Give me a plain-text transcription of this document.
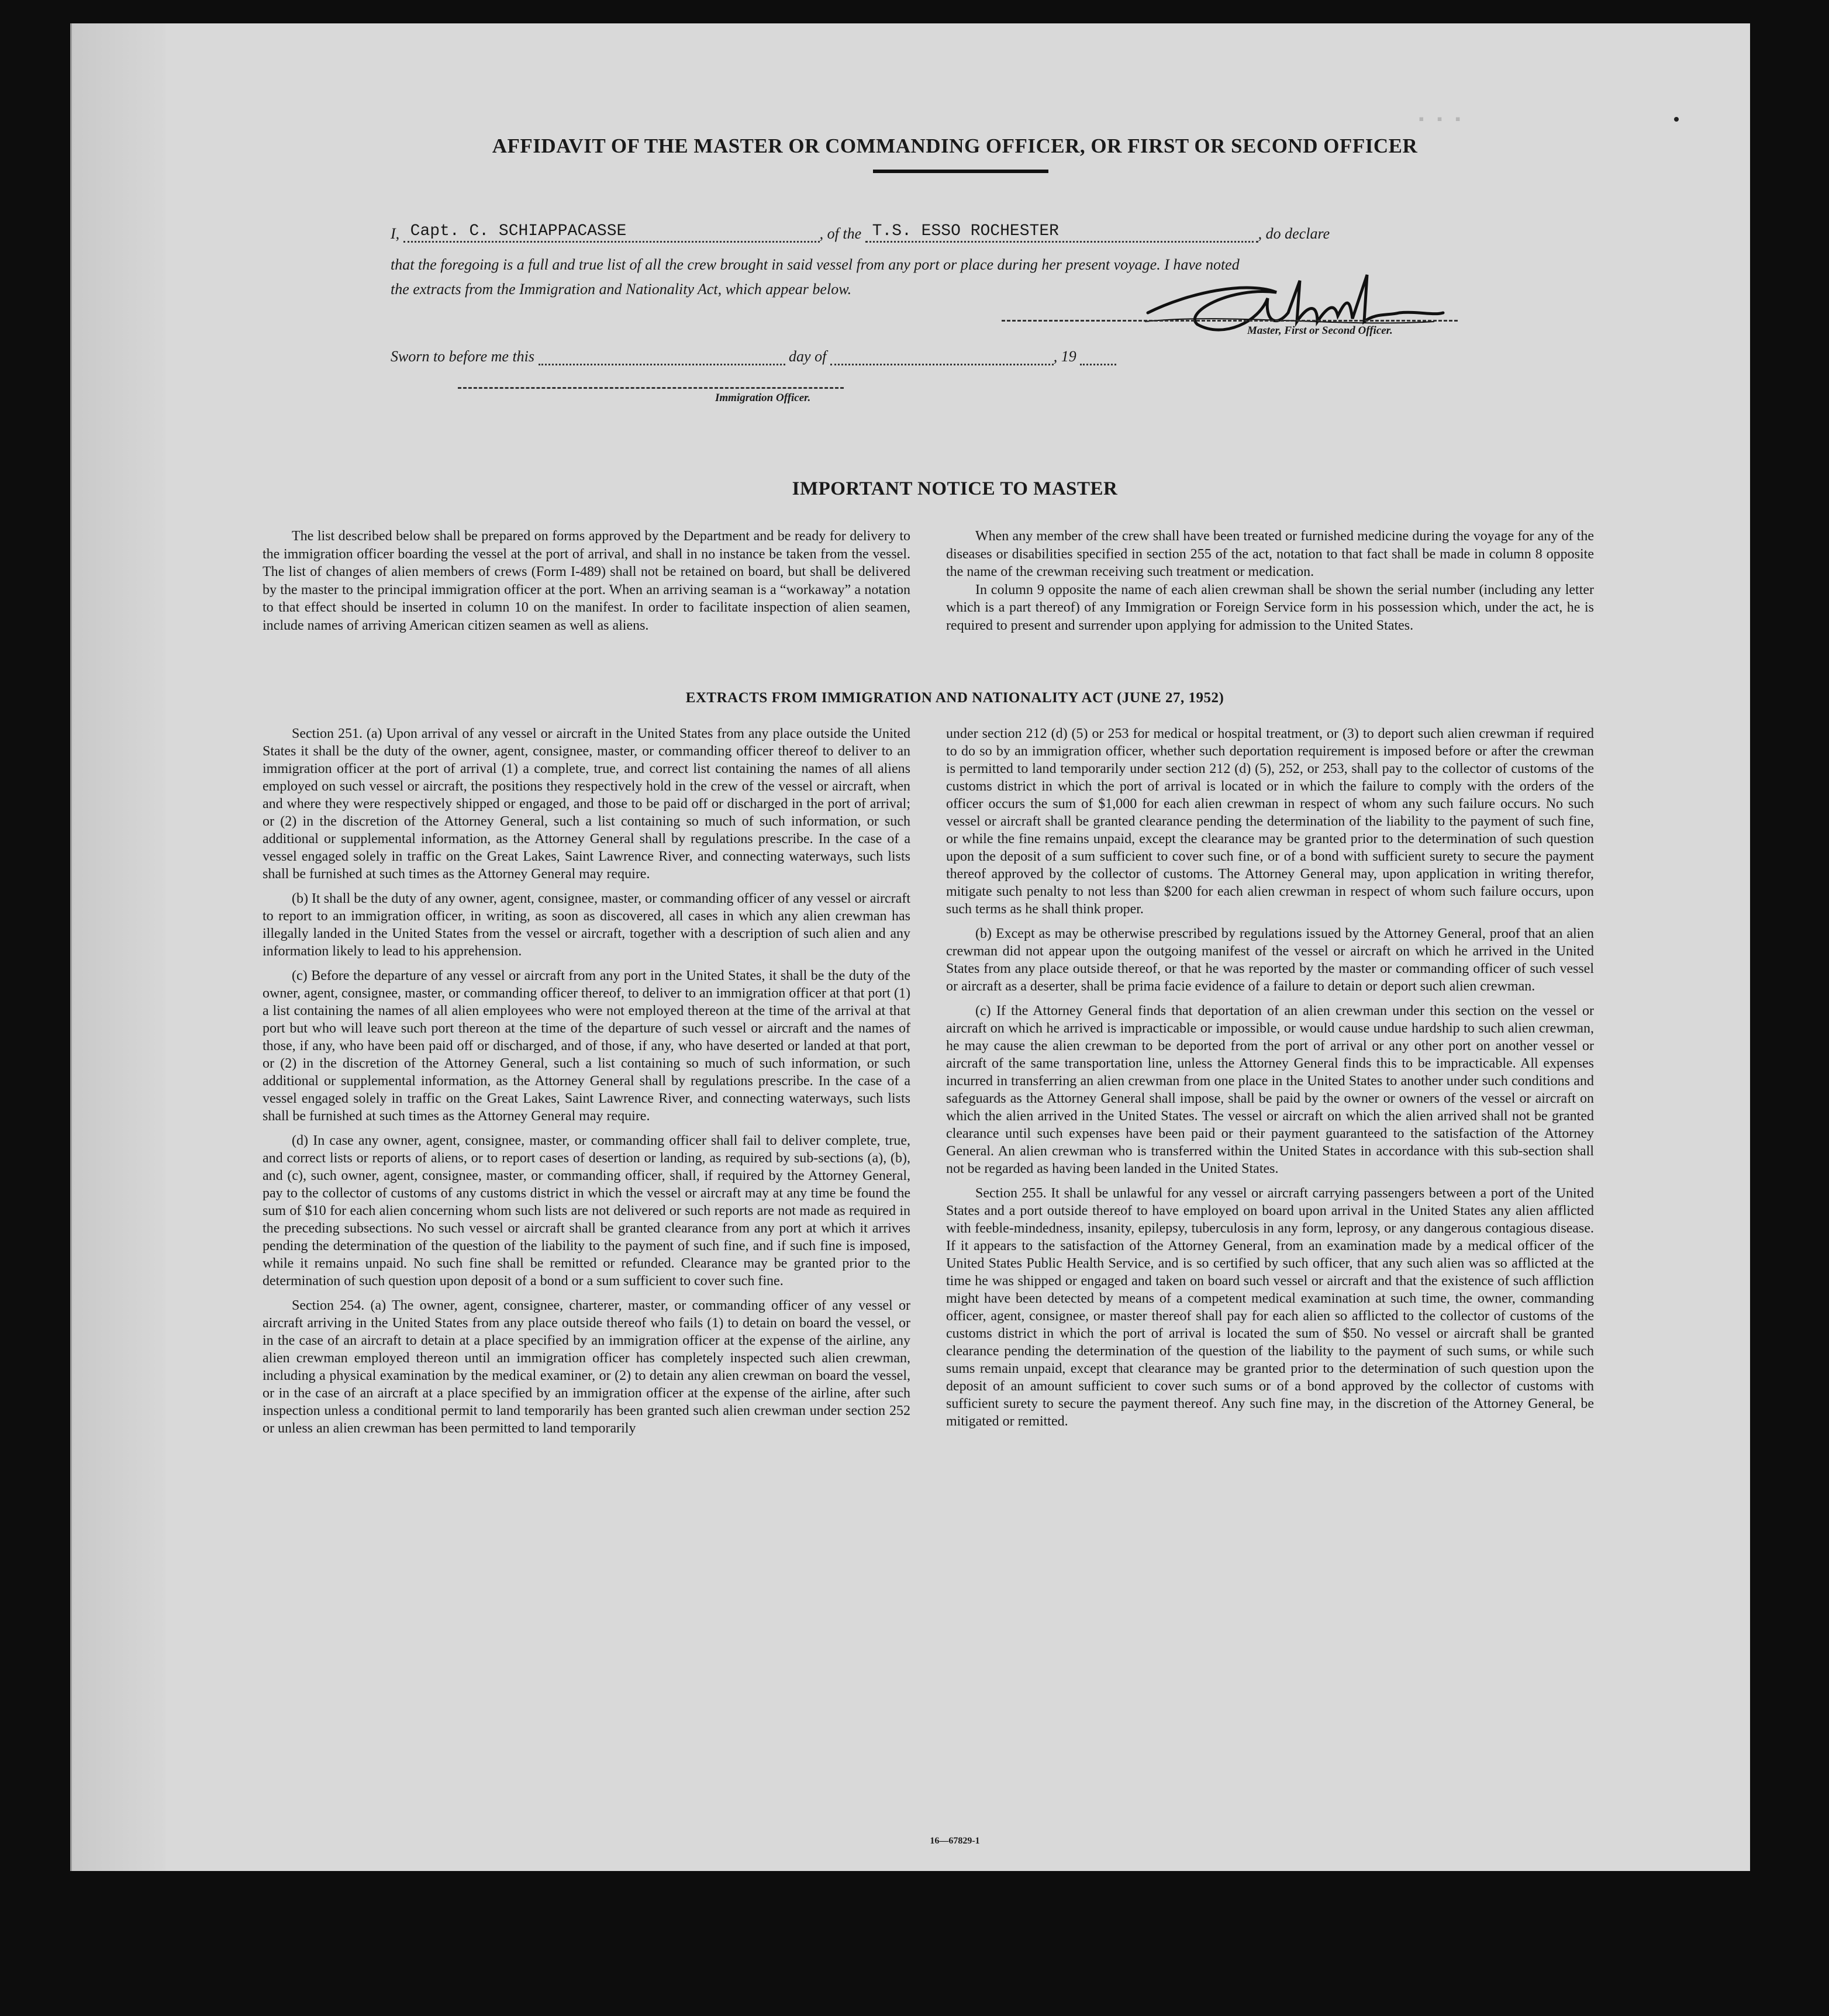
▪ ▪ ▪
AFFIDAVIT OF THE MASTER OR COMMANDING OFFICER, OR FIRST OR SECOND OFFICER
I, Capt. C. SCHIAPPACASSE	, of the T.S. ESSO ROCHESTER	, do declare
that the foregoing is a full and true list of all the crew brought in said vessel from any port or place during her present voyage. I have noted
the extracts from the Immigration and Nationality Act, which appear below.
Master, First or Second Officer.
Sworn to before me this	day of	, 19
Immigration Officer.
IMPORTANT NOTICE TO MASTER

The list described below shall be prepared on forms approved by the Department and be ready for delivery to the immigration officer boarding the vessel at the port of arrival, and shall in no instance be taken from the vessel. The list of changes of alien members of crews (Form I-489) shall not be retained on board, but shall be delivered by the master to the principal immigration officer at the port. When an arriving seaman is a “workaway” a notation to that effect should be inserted in column 10 on the manifest. In order to facilitate inspection of alien seamen, include names of arriving American citizen seamen as well as aliens.

When any member of the crew shall have been treated or furnished medicine during the voyage for any of the diseases or disabilities specified in section 255 of the act, notation to that fact shall be made in column 8 opposite the name of the crewman receiving such treatment or medication.

In column 9 opposite the name of each alien crewman shall be shown the serial number (including any letter which is a part thereof) of any Immigration or Foreign Service form in his possession which, under the act, he is required to present and surrender upon applying for admission to the United States.

EXTRACTS FROM IMMIGRATION AND NATIONALITY ACT (JUNE 27, 1952)

Section 251. (a) Upon arrival of any vessel or aircraft in the United States from any place outside the United States it shall be the duty of the owner, agent, consignee, master, or commanding officer thereof to deliver to an immigration officer at the port of arrival (1) a complete, true, and correct list containing the names of all aliens employed on such vessel or aircraft, the positions they respectively hold in the crew of the vessel or aircraft, when and where they were respectively shipped or engaged, and those to be paid off or discharged in the port of arrival; or (2) in the discretion of the Attorney General, such a list containing so much of such information, or such additional or supplemental information, as the Attorney General shall by regulations prescribe. In the case of a vessel engaged solely in traffic on the Great Lakes, Saint Lawrence River, and connecting waterways, such lists shall be furnished at such times as the Attorney General may require.

(b) It shall be the duty of any owner, agent, consignee, master, or commanding officer of any vessel or aircraft to report to an immigration officer, in writing, as soon as discovered, all cases in which any alien crewman has illegally landed in the United States from the vessel or aircraft, together with a description of such alien and any information likely to lead to his apprehension.

(c) Before the departure of any vessel or aircraft from any port in the United States, it shall be the duty of the owner, agent, consignee, master, or commanding officer thereof, to deliver to an immigration officer at that port (1) a list containing the names of all alien employees who were not employed thereon at the time of the arrival at that port but who will leave such port thereon at the time of the departure of such vessel or aircraft and the names of those, if any, who have been paid off or discharged, and of those, if any, who have deserted or landed at that port, or (2) in the discretion of the Attorney General, such a list containing so much of such information, or such additional or supplemental information, as the Attorney General shall by regulations prescribe. In the case of a vessel engaged solely in traffic on the Great Lakes, Saint Lawrence River, and connecting waterways, such lists shall be furnished at such times as the Attorney General may require.

(d) In case any owner, agent, consignee, master, or commanding officer shall fail to deliver complete, true, and correct lists or reports of aliens, or to report cases of desertion or landing, as required by sub-sections (a), (b), and (c), such owner, agent, consignee, master, or commanding officer, shall, if required by the Attorney General, pay to the collector of customs of any customs district in which the vessel or aircraft may at any time be found the sum of $10 for each alien concerning whom such lists are not delivered or such reports are not made as required in the preceding subsections. No such vessel or aircraft shall be granted clearance from any port at which it arrives pending the determination of the question of the liability to the payment of such fine, and if such fine is imposed, while it remains unpaid. No such fine shall be remitted or refunded. Clearance may be granted prior to the determination of such question upon deposit of a bond or a sum sufficient to cover such fine.

Section 254. (a) The owner, agent, consignee, charterer, master, or commanding officer of any vessel or aircraft arriving in the United States from any place outside thereof who fails (1) to detain on board the vessel, or in the case of an aircraft to detain at a place specified by an immigration officer at the expense of the airline, any alien crewman employed thereon until an immigration officer has completely inspected such alien crewman, including a physical examination by the medical examiner, or (2) to detain any alien crewman on board the vessel, or in the case of an aircraft at a place specified by an immigration officer at the expense of the airline, after such inspection unless a conditional permit to land temporarily has been granted such alien crewman under section 252 or unless an alien crewman has been permitted to land temporarily

under section 212 (d) (5) or 253 for medical or hospital treatment, or (3) to deport such alien crewman if required to do so by an immigration officer, whether such deportation requirement is imposed before or after the crewman is permitted to land temporarily under section 212 (d) (5), 252, or 253, shall pay to the collector of customs of the customs district in which the port of arrival is located or in which the failure to comply with the orders of the officer occurs the sum of $1,000 for each alien crewman in respect of whom any such failure occurs. No such vessel or aircraft shall be granted clearance pending the determination of the liability to the payment of such fine, or while the fine remains unpaid, except the clearance may be granted prior to the determination of such question upon the deposit of a sum sufficient to cover such fine, or of a bond with sufficient surety to secure the payment thereof approved by the collector of customs. The Attorney General may, upon application in writing therefor, mitigate such penalty to not less than $200 for each alien crewman in respect of whom such failure occurs, upon such terms as he shall think proper.

(b) Except as may be otherwise prescribed by regulations issued by the Attorney General, proof that an alien crewman did not appear upon the outgoing manifest of the vessel or aircraft on which he arrived in the United States from any place outside thereof, or that he was reported by the master or commanding officer of such vessel or aircraft as a deserter, shall be prima facie evidence of a failure to detain or deport such alien crewman.

(c) If the Attorney General finds that deportation of an alien crewman under this section on the vessel or aircraft on which he arrived is impracticable or impossible, or would cause undue hardship to such alien crewman, he may cause the alien crewman to be deported from the port of arrival or any other port on another vessel or aircraft of the same transportation line, unless the Attorney General finds this to be impracticable. All expenses incurred in transferring an alien crewman from one place in the United States to another under such conditions and safeguards as the Attorney General shall impose, shall be paid by the owner or owners of the vessel or aircraft on which the alien arrived in the United States. The vessel or aircraft on which the alien arrived shall not be granted clearance until such expenses have been paid or their payment guaranteed to the satisfaction of the Attorney General. An alien crewman who is transferred within the United States in accordance with this sub-section shall not be regarded as having been landed in the United States.

Section 255. It shall be unlawful for any vessel or aircraft carrying passengers between a port of the United States and a port outside thereof to have employed on board upon arrival in the United States any alien afflicted with feeble-mindedness, insanity, epilepsy, tuberculosis in any form, leprosy, or any dangerous contagious disease. If it appears to the satisfaction of the Attorney General, from an examination made by a medical officer of the United States Public Health Service, and is so certified by such officer, that any such alien was so afflicted at the time he was shipped or engaged and taken on board such vessel or aircraft and that the existence of such affliction might have been detected by means of a competent medical examination at such time, the owner, commanding officer, agent, consignee, or master thereof shall pay for each alien so afflicted to the collector of customs of the customs district in which the port of arrival is located the sum of $50. No vessel or aircraft shall be granted clearance pending the determination of the question of the liability to the payment of such sums, or while such sums remain unpaid, except that clearance may be granted prior to the determination of such question upon the deposit of an amount sufficient to cover such sums or of a bond approved by the collector of customs with sufficient surety to secure the payment thereof. Any such fine may, in the discretion of the Attorney General, be mitigated or remitted.

16—67829-1
